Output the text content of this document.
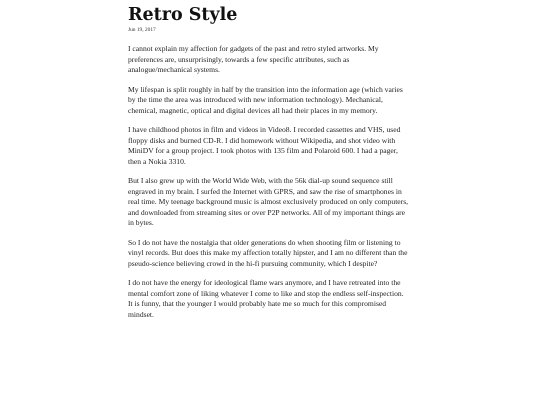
Retro Style
Jun 19, 2017

I cannot explain my affection for gadgets of the past and retro styled artworks. My preferences are, unsurprisingly, towards a few specific attributes, such as analogue/mechanical systems.

My lifespan is split roughly in half by the transition into the information age (which varies by the time the area was introduced with new information technology). Mechanical, chemical, magnetic, optical and digital devices all had their places in my memory.

I have childhood photos in film and videos in Video8. I recorded cassettes and VHS, used floppy disks and burned CD-R. I did homework without Wikipedia, and shot video with MiniDV for a group project. I took photos with 135 film and Polaroid 600. I had a pager, then a Nokia 3310.

But I also grew up with the World Wide Web, with the 56k dial-up sound sequence still engraved in my brain. I surfed the Internet with GPRS, and saw the rise of smartphones in real time. My teenage background music is almost exclusively produced on only computers, and downloaded from streaming sites or over P2P networks. All of my important things are in bytes.

So I do not have the nostalgia that older generations do when shooting film or listening to vinyl records. But does this make my affection totally hipster, and I am no different than the pseudo-science believing crowd in the hi-fi pursuing community, which I despite?

I do not have the energy for ideological flame wars anymore, and I have retreated into the mental comfort zone of liking whatever I come to like and stop the endless self-inspection. It is funny, that the younger I would probably hate me so much for this compromised mindset.
